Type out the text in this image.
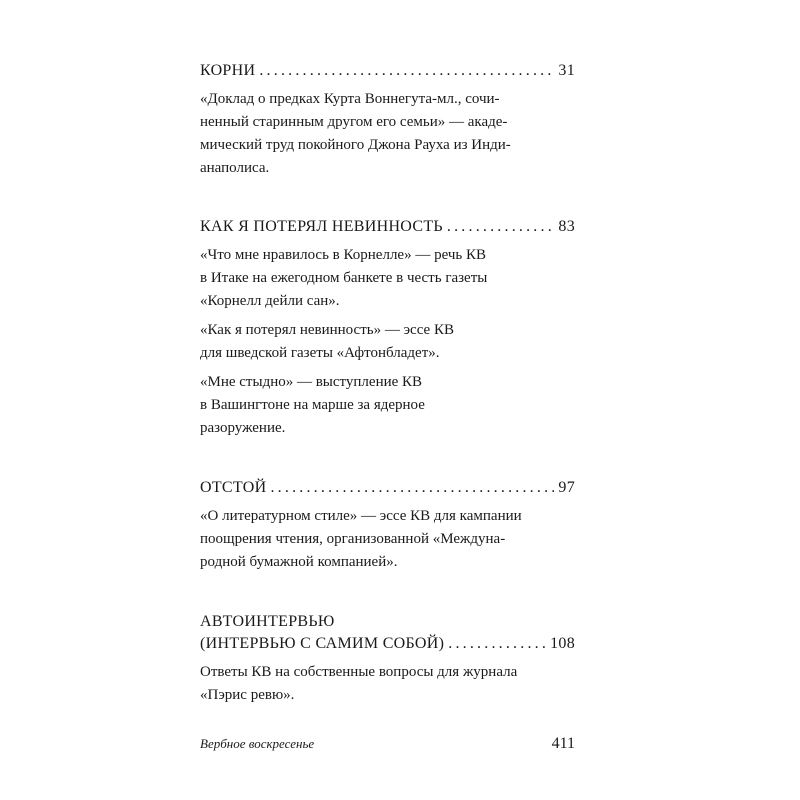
КОРНИ .....	31

«Доклад о предках Курта Воннегута-мл., сочи-
ненный старинным другом его семьи» — акаде-
мический труд покойного Джона Рауха из Инди-
анаполиса.

КАК Я ПОТЕРЯЛ НЕВИННОСТЬ .....	83

«Что мне нравилось в Корнелле» — речь КВ
в Итаке на ежегодном банкете в честь газеты
«Корнелл дейли сан».

«Как я потерял невинность» — эссе КВ
для шведской газеты «Афтонбладет».

«Мне стыдно» — выступление КВ
в Вашингтоне на марше за ядерное
разоружение.

ОТСТОЙ .....	97

«О литературном стиле» — эссе КВ для кампании
поощрения чтения, организованной «Междуна-
родной бумажной компанией».

АВТОИНТЕРВЬЮ
(ИНТЕРВЬЮ С САМИМ СОБОЙ) .....	108

Ответы КВ на собственные вопросы для журнала
«Пэрис ревю».

Вербное воскресенье	411
